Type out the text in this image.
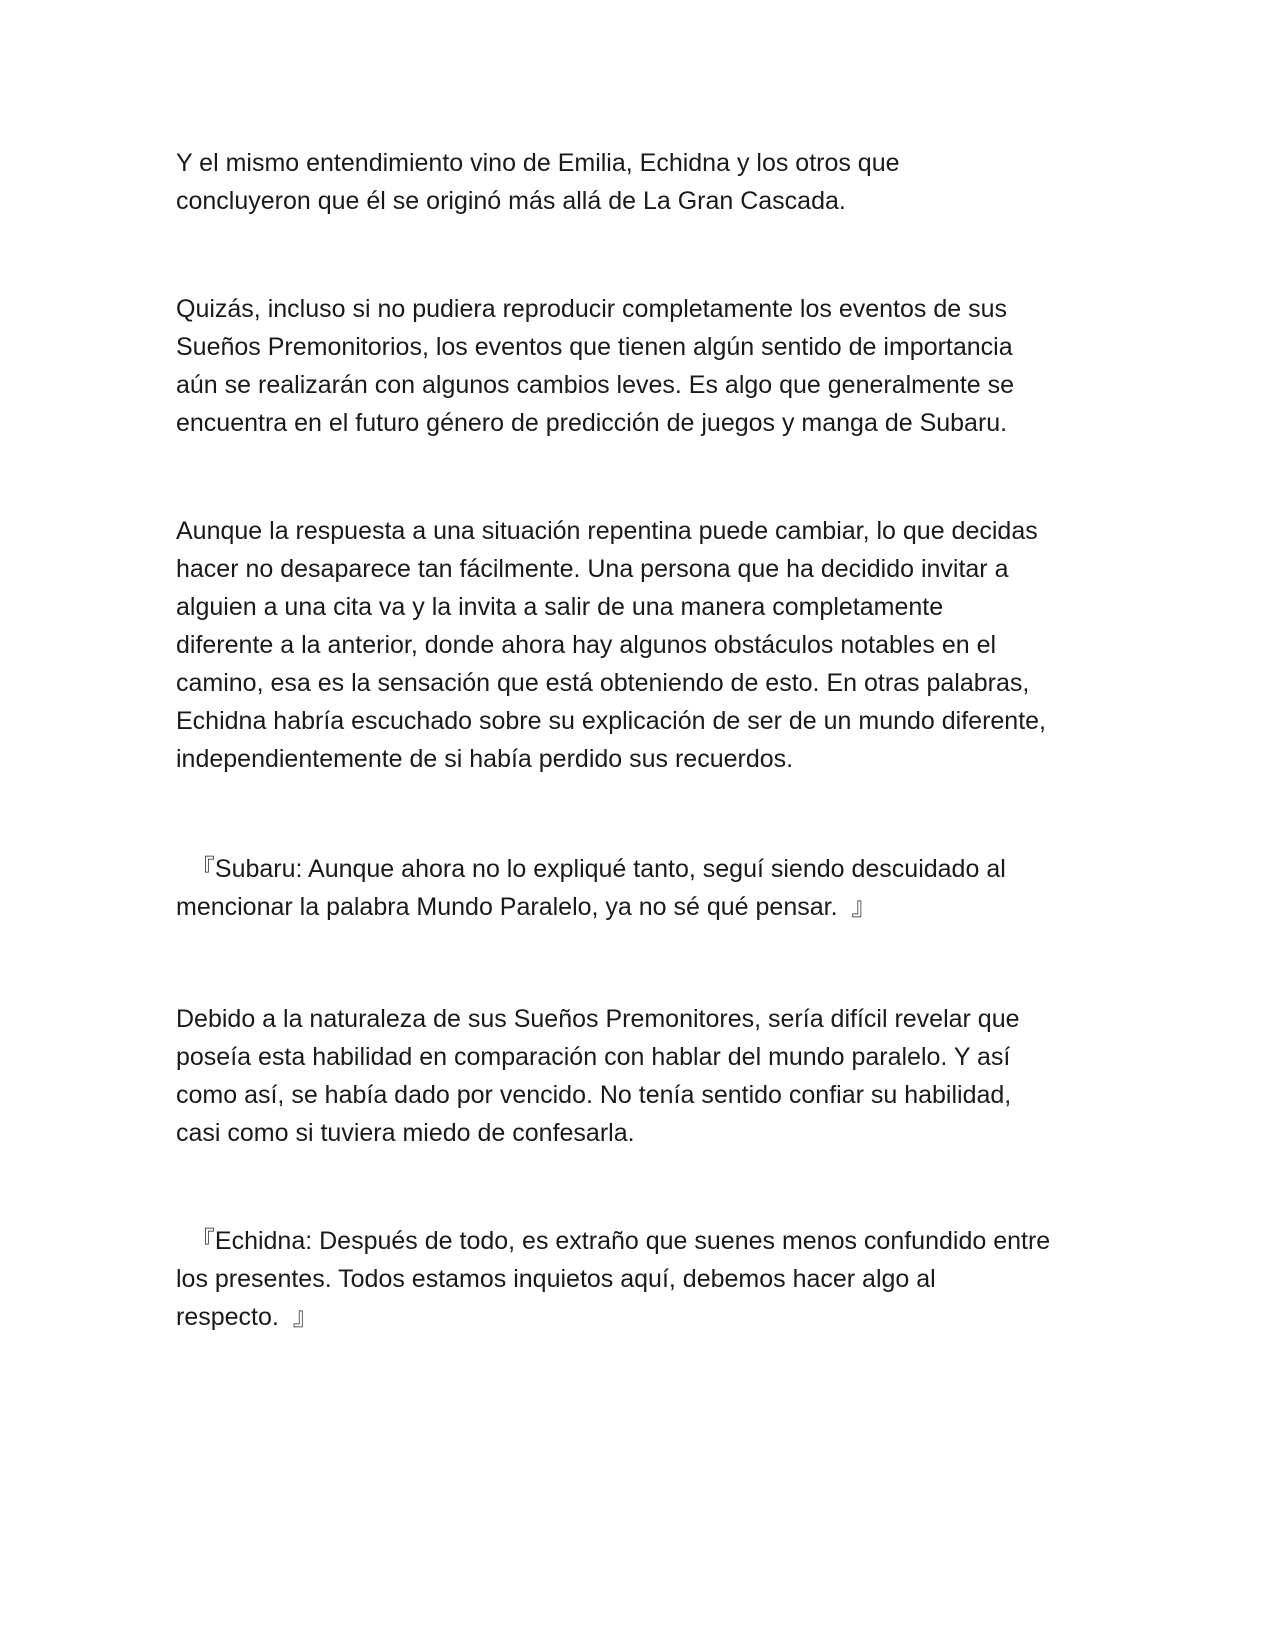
Y el mismo entendimiento vino de Emilia, Echidna y los otros que
concluyeron que él se originó más allá de La Gran Cascada.
Quizás, incluso si no pudiera reproducir completamente los eventos de sus
Sueños Premonitorios, los eventos que tienen algún sentido de importancia
aún se realizarán con algunos cambios leves. Es algo que generalmente se
encuentra en el futuro género de predicción de juegos y manga de Subaru.
Aunque la respuesta a una situación repentina puede cambiar, lo que decidas
hacer no desaparece tan fácilmente. Una persona que ha decidido invitar a
alguien a una cita va y la invita a salir de una manera completamente
diferente a la anterior, donde ahora hay algunos obstáculos notables en el
camino, esa es la sensación que está obteniendo de esto. En otras palabras,
Echidna habría escuchado sobre su explicación de ser de un mundo diferente,
independientemente de si había perdido sus recuerdos.
『Subaru: Aunque ahora no lo expliqué tanto, seguí siendo descuidado al
mencionar la palabra Mundo Paralelo, ya no sé qué pensar.  』
Debido a la naturaleza de sus Sueños Premonitores, sería difícil revelar que
poseía esta habilidad en comparación con hablar del mundo paralelo. Y así
como así, se había dado por vencido. No tenía sentido confiar su habilidad,
casi como si tuviera miedo de confesarla.
『Echidna: Después de todo, es extraño que suenes menos confundido entre
los presentes. Todos estamos inquietos aquí, debemos hacer algo al
respecto.  』
